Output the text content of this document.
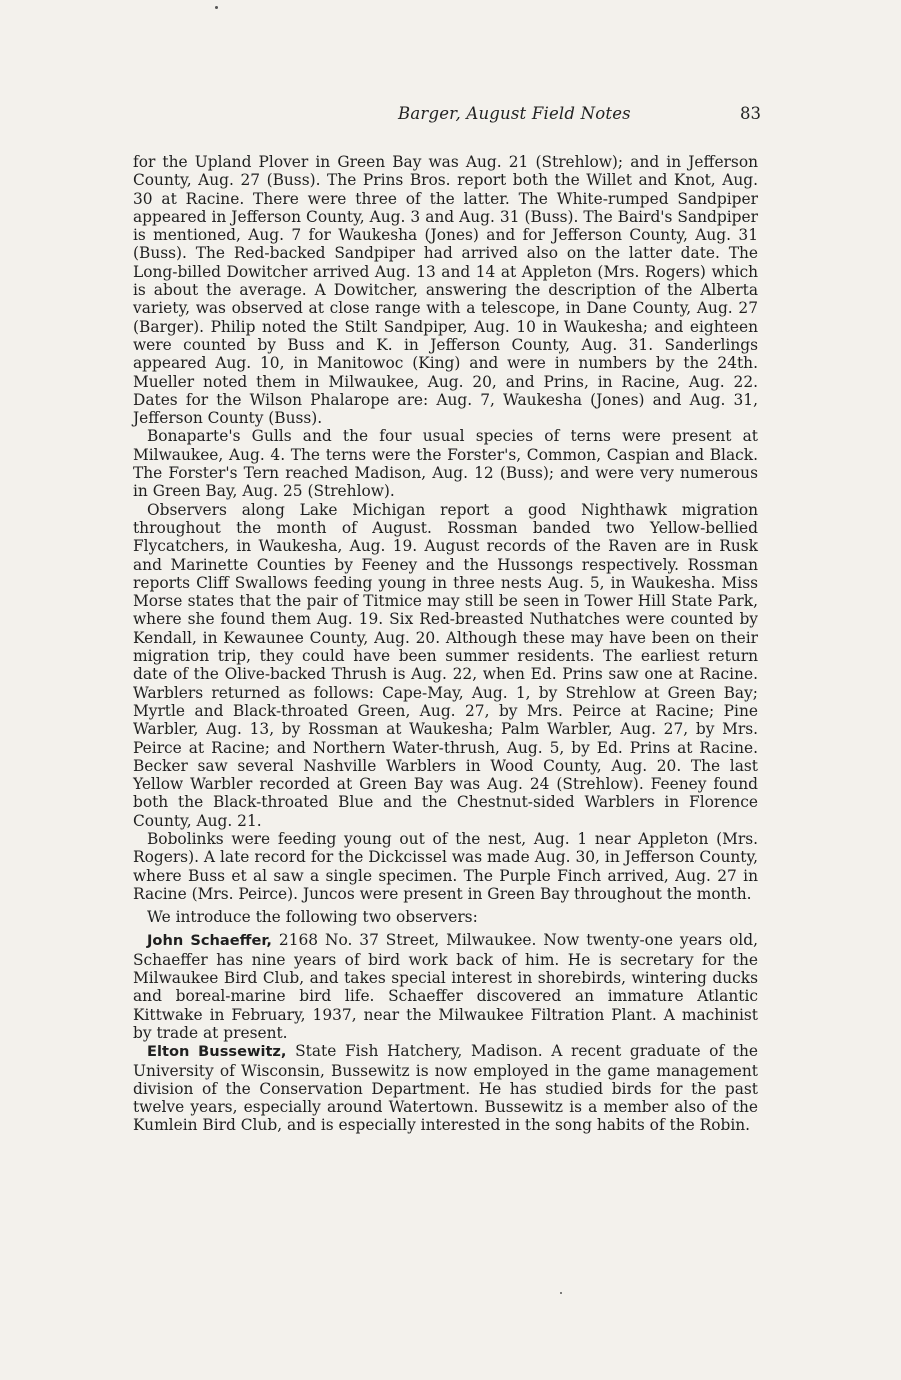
Barger, August Field Notes	83

for the Upland Plover in Green Bay was Aug. 21 (Strehlow); and in Jefferson County, Aug. 27 (Buss). The Prins Bros. report both the Willet and Knot, Aug. 30 at Racine. There were three of the latter. The White-rumped Sandpiper appeared in Jefferson County, Aug. 3 and Aug. 31 (Buss). The Baird's Sandpiper is mentioned, Aug. 7 for Waukesha (Jones) and for Jefferson County, Aug. 31 (Buss). The Red-backed Sandpiper had arrived also on the latter date. The Long-billed Dowitcher arrived Aug. 13 and 14 at Appleton (Mrs. Rogers) which is about the average. A Dowitcher, answering the description of the Alberta variety, was observed at close range with a telescope, in Dane County, Aug. 27 (Barger). Philip noted the Stilt Sandpiper, Aug. 10 in Waukesha; and eighteen were counted by Buss and K. in Jefferson County, Aug. 31. Sanderlings appeared Aug. 10, in Manitowoc (King) and were in numbers by the 24th. Mueller noted them in Milwaukee, Aug. 20, and Prins, in Racine, Aug. 22. Dates for the Wilson Phalarope are: Aug. 7, Waukesha (Jones) and Aug. 31, Jefferson County (Buss).

Bonaparte's Gulls and the four usual species of terns were present at Milwaukee, Aug. 4. The terns were the Forster's, Common, Caspian and Black. The Forster's Tern reached Madison, Aug. 12 (Buss); and were very numerous in Green Bay, Aug. 25 (Strehlow).

Observers along Lake Michigan report a good Nighthawk migration throughout the month of August. Rossman banded two Yellow-bellied Flycatchers, in Waukesha, Aug. 19. August records of the Raven are in Rusk and Marinette Counties by Feeney and the Hussongs respectively. Rossman reports Cliff Swallows feeding young in three nests Aug. 5, in Waukesha. Miss Morse states that the pair of Titmice may still be seen in Tower Hill State Park, where she found them Aug. 19. Six Red-breasted Nuthatches were counted by Kendall, in Kewaunee County, Aug. 20. Although these may have been on their migration trip, they could have been summer residents. The earliest return date of the Olive-backed Thrush is Aug. 22, when Ed. Prins saw one at Racine. Warblers returned as follows: Cape-May, Aug. 1, by Strehlow at Green Bay; Myrtle and Black-throated Green, Aug. 27, by Mrs. Peirce at Racine; Pine Warbler, Aug. 13, by Rossman at Waukesha; Palm Warbler, Aug. 27, by Mrs. Peirce at Racine; and Northern Water-thrush, Aug. 5, by Ed. Prins at Racine. Becker saw several Nashville Warblers in Wood County, Aug. 20. The last Yellow Warbler recorded at Green Bay was Aug. 24 (Strehlow). Feeney found both the Black-throated Blue and the Chestnut-sided Warblers in Florence County, Aug. 21.

Bobolinks were feeding young out of the nest, Aug. 1 near Appleton (Mrs. Rogers). A late record for the Dickcissel was made Aug. 30, in Jefferson County, where Buss et al saw a single specimen. The Purple Finch arrived, Aug. 27 in Racine (Mrs. Peirce). Juncos were present in Green Bay throughout the month.

We introduce the following two observers:

John Schaeffer, 2168 No. 37 Street, Milwaukee. Now twenty-one years old, Schaeffer has nine years of bird work back of him. He is secretary for the Milwaukee Bird Club, and takes special interest in shorebirds, wintering ducks and boreal-marine bird life. Schaeffer discovered an immature Atlantic Kittwake in February, 1937, near the Milwaukee Filtration Plant. A machinist by trade at present.

Elton Bussewitz, State Fish Hatchery, Madison. A recent graduate of the University of Wisconsin, Bussewitz is now employed in the game management division of the Conservation Department. He has studied birds for the past twelve years, especially around Watertown. Bussewitz is a member also of the Kumlein Bird Club, and is especially interested in the song habits of the Robin.
